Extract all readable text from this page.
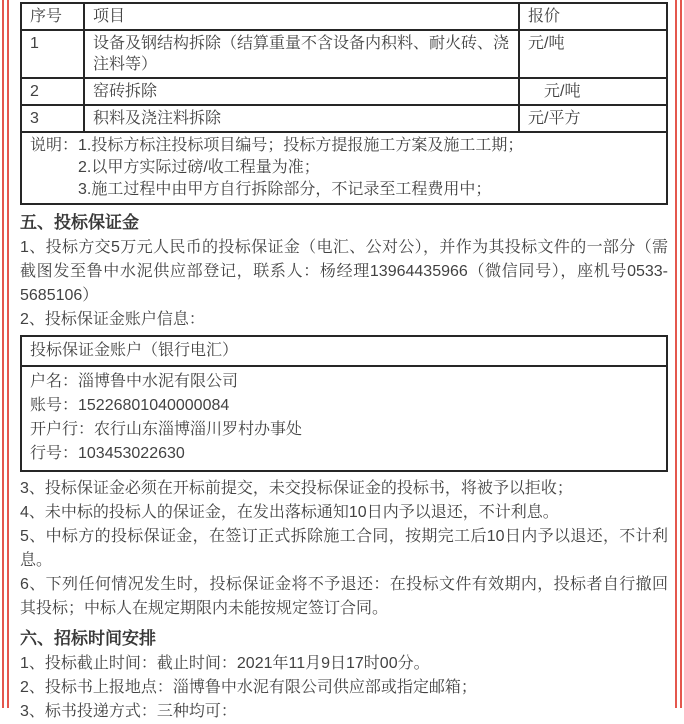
序号	项目	报价
1	设备及钢结构拆除（结算重量不含设备内积料、耐火砖、浇注料等）	元/吨
2	窑砖拆除	　元/吨
3	积料及浇注料拆除	元/平方

说明： 1.投标方标注投标项目编号；投标方提报施工方案及施工工期；
2.以甲方实际过磅/收工程量为准；
3.施工过程中由甲方自行拆除部分，不记录至工程费用中；		
五、投标保证金

1、投标方交5万元人民币的投标保证金（电汇、公对公），并作为其投标文件的一部分（需截图发至鲁中水泥供应部登记，联系人：杨经理13964435966（微信同号），座机号0533-5685106）

2、投标保证金账户信息：

投标保证金账户（银行电汇）
户名：淄博鲁中水泥有限公司
账号：15226801040000084
开户行：农行山东淄博淄川罗村办事处
行号：103453022630

3、投标保证金必须在开标前提交，未交投标保证金的投标书，将被予以拒收；

4、未中标的投标人的保证金，在发出落标通知10日内予以退还，不计利息。

5、中标方的投标保证金，在签订正式拆除施工合同，按期完工后10日内予以退还，不计利息。

6、下列任何情况发生时，投标保证金将不予退还：在投标文件有效期内，投标者自行撤回其投标；中标人在规定期限内未能按规定签订合同。

六、招标时间安排

1、投标截止时间：截止时间：2021年11月9日17时00分。

2、投标书上报地点：淄博鲁中水泥有限公司供应部或指定邮箱；

3、标书投递方式：三种均可：
